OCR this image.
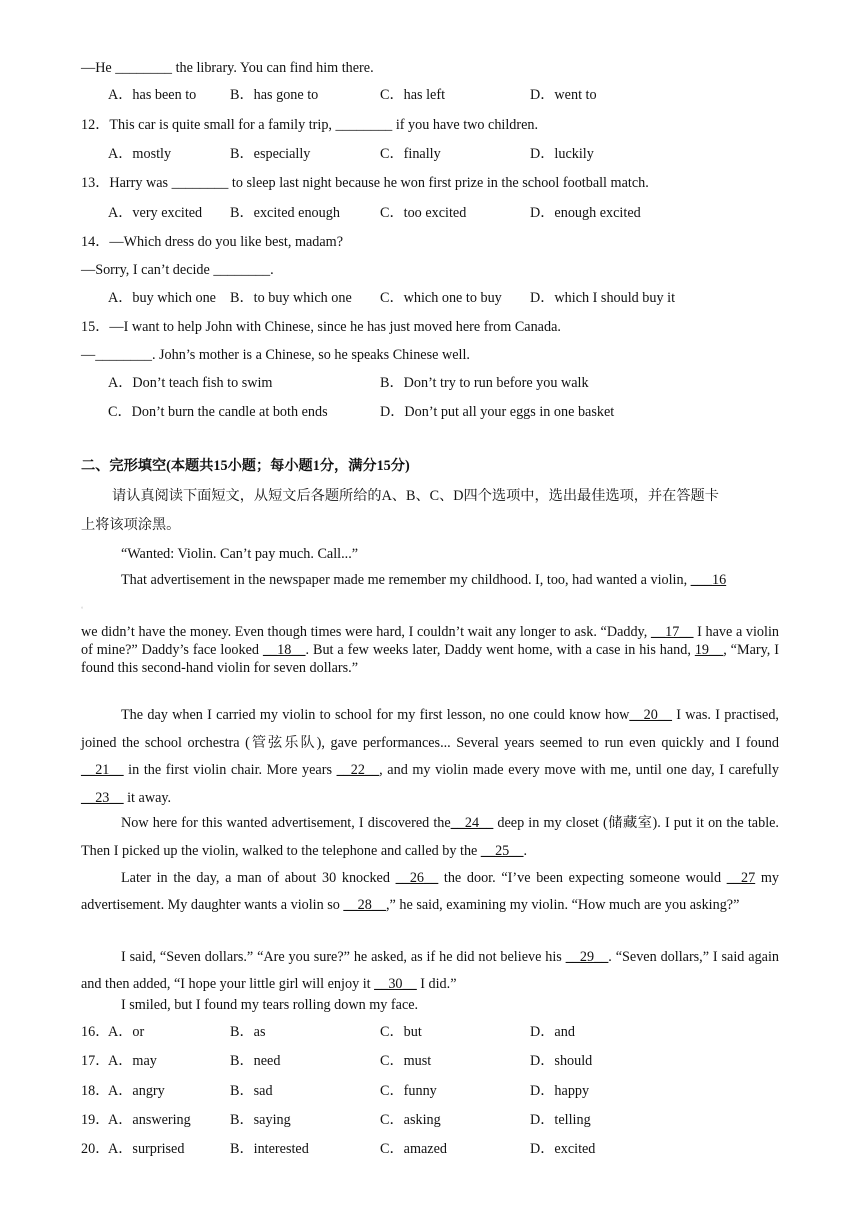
—He ________ the library. You can find him there.
A．has been to B．has gone to	C．has left	D．went to
12．This car is quite small for a family trip, ________ if you have two children.
A．mostly	B．especially	C．finally	D．luckily
13．Harry was ________ to sleep last night because he won first prize in the school football match.
A．very excited B．excited enough	C．too excited	D．enough excited
14．—Which dress do you like best, madam?
—Sorry, I can’t decide ________.
A．buy which one B．to buy which one C．which one to buy D．which I should buy it
15．—I want to help John with Chinese, since he has just moved here from Canada.
—________. John’s mother is a Chinese, so he speaks Chinese well.
A．Don’t teach fish to swim	B．Don’t try to run before you walk
C．Don’t burn the candle at both ends	D．Don’t put all your eggs in one basket
二、完形填空(本题共15小题；每小题1分，满分15分)
请认真阅读下面短文，从短文后各题所给的A、B、C、D四个选项中，选出最佳选项，并在答题卡
上将该项涂黑。
“Wanted: Violin. Can’t pay much. Call...”
That advertisement in the newspaper made me remember my childhood. I, too, had wanted a violin, ___16
。
we didn’t have the money. Even though times were hard, I couldn’t wait any longer to ask. “Daddy, __17__ I have a violin of mine?” Daddy’s face looked __18__. But a few weeks later, Daddy went home, with a case in his hand, 19__, “Mary, I found this second-hand violin for seven dollars.”
The day when I carried my violin to school for my first lesson, no one could know how__20__ I was. I practised, joined the school orchestra (管弦乐队), gave performances... Several years seemed to run even quickly and I found __21__ in the first violin chair. More years __22__, and my violin made every move with me, until one day, I carefully __23__ it away.
Now here for this wanted advertisement, I discovered the__24__ deep in my closet (储藏室). I put it on the table. Then I picked up the violin, walked to the telephone and called by the __25__.
Later in the day, a man of about 30 knocked __26__ the door. “I’ve been expecting someone would __27 my advertisement. My daughter wants a violin so __28__,” he said, examining my violin. “How much are you asking?”
I said, “Seven dollars.” “Are you sure?” he asked, as if he did not believe his __29__. “Seven dollars,” I said again and then added, “I hope your little girl will enjoy it __30__ I did.”
I smiled, but I found my tears rolling down my face.
16．
A．or	B．as	C．but	D．and
17．
A．may	B．need	C．must	D．should
18．
A．angry	B．sad	C．funny	D．happy
19．
A．answering	B．saying	C．asking	D．telling
20．
A．surprised	B．interested	C．amazed	D．excited
